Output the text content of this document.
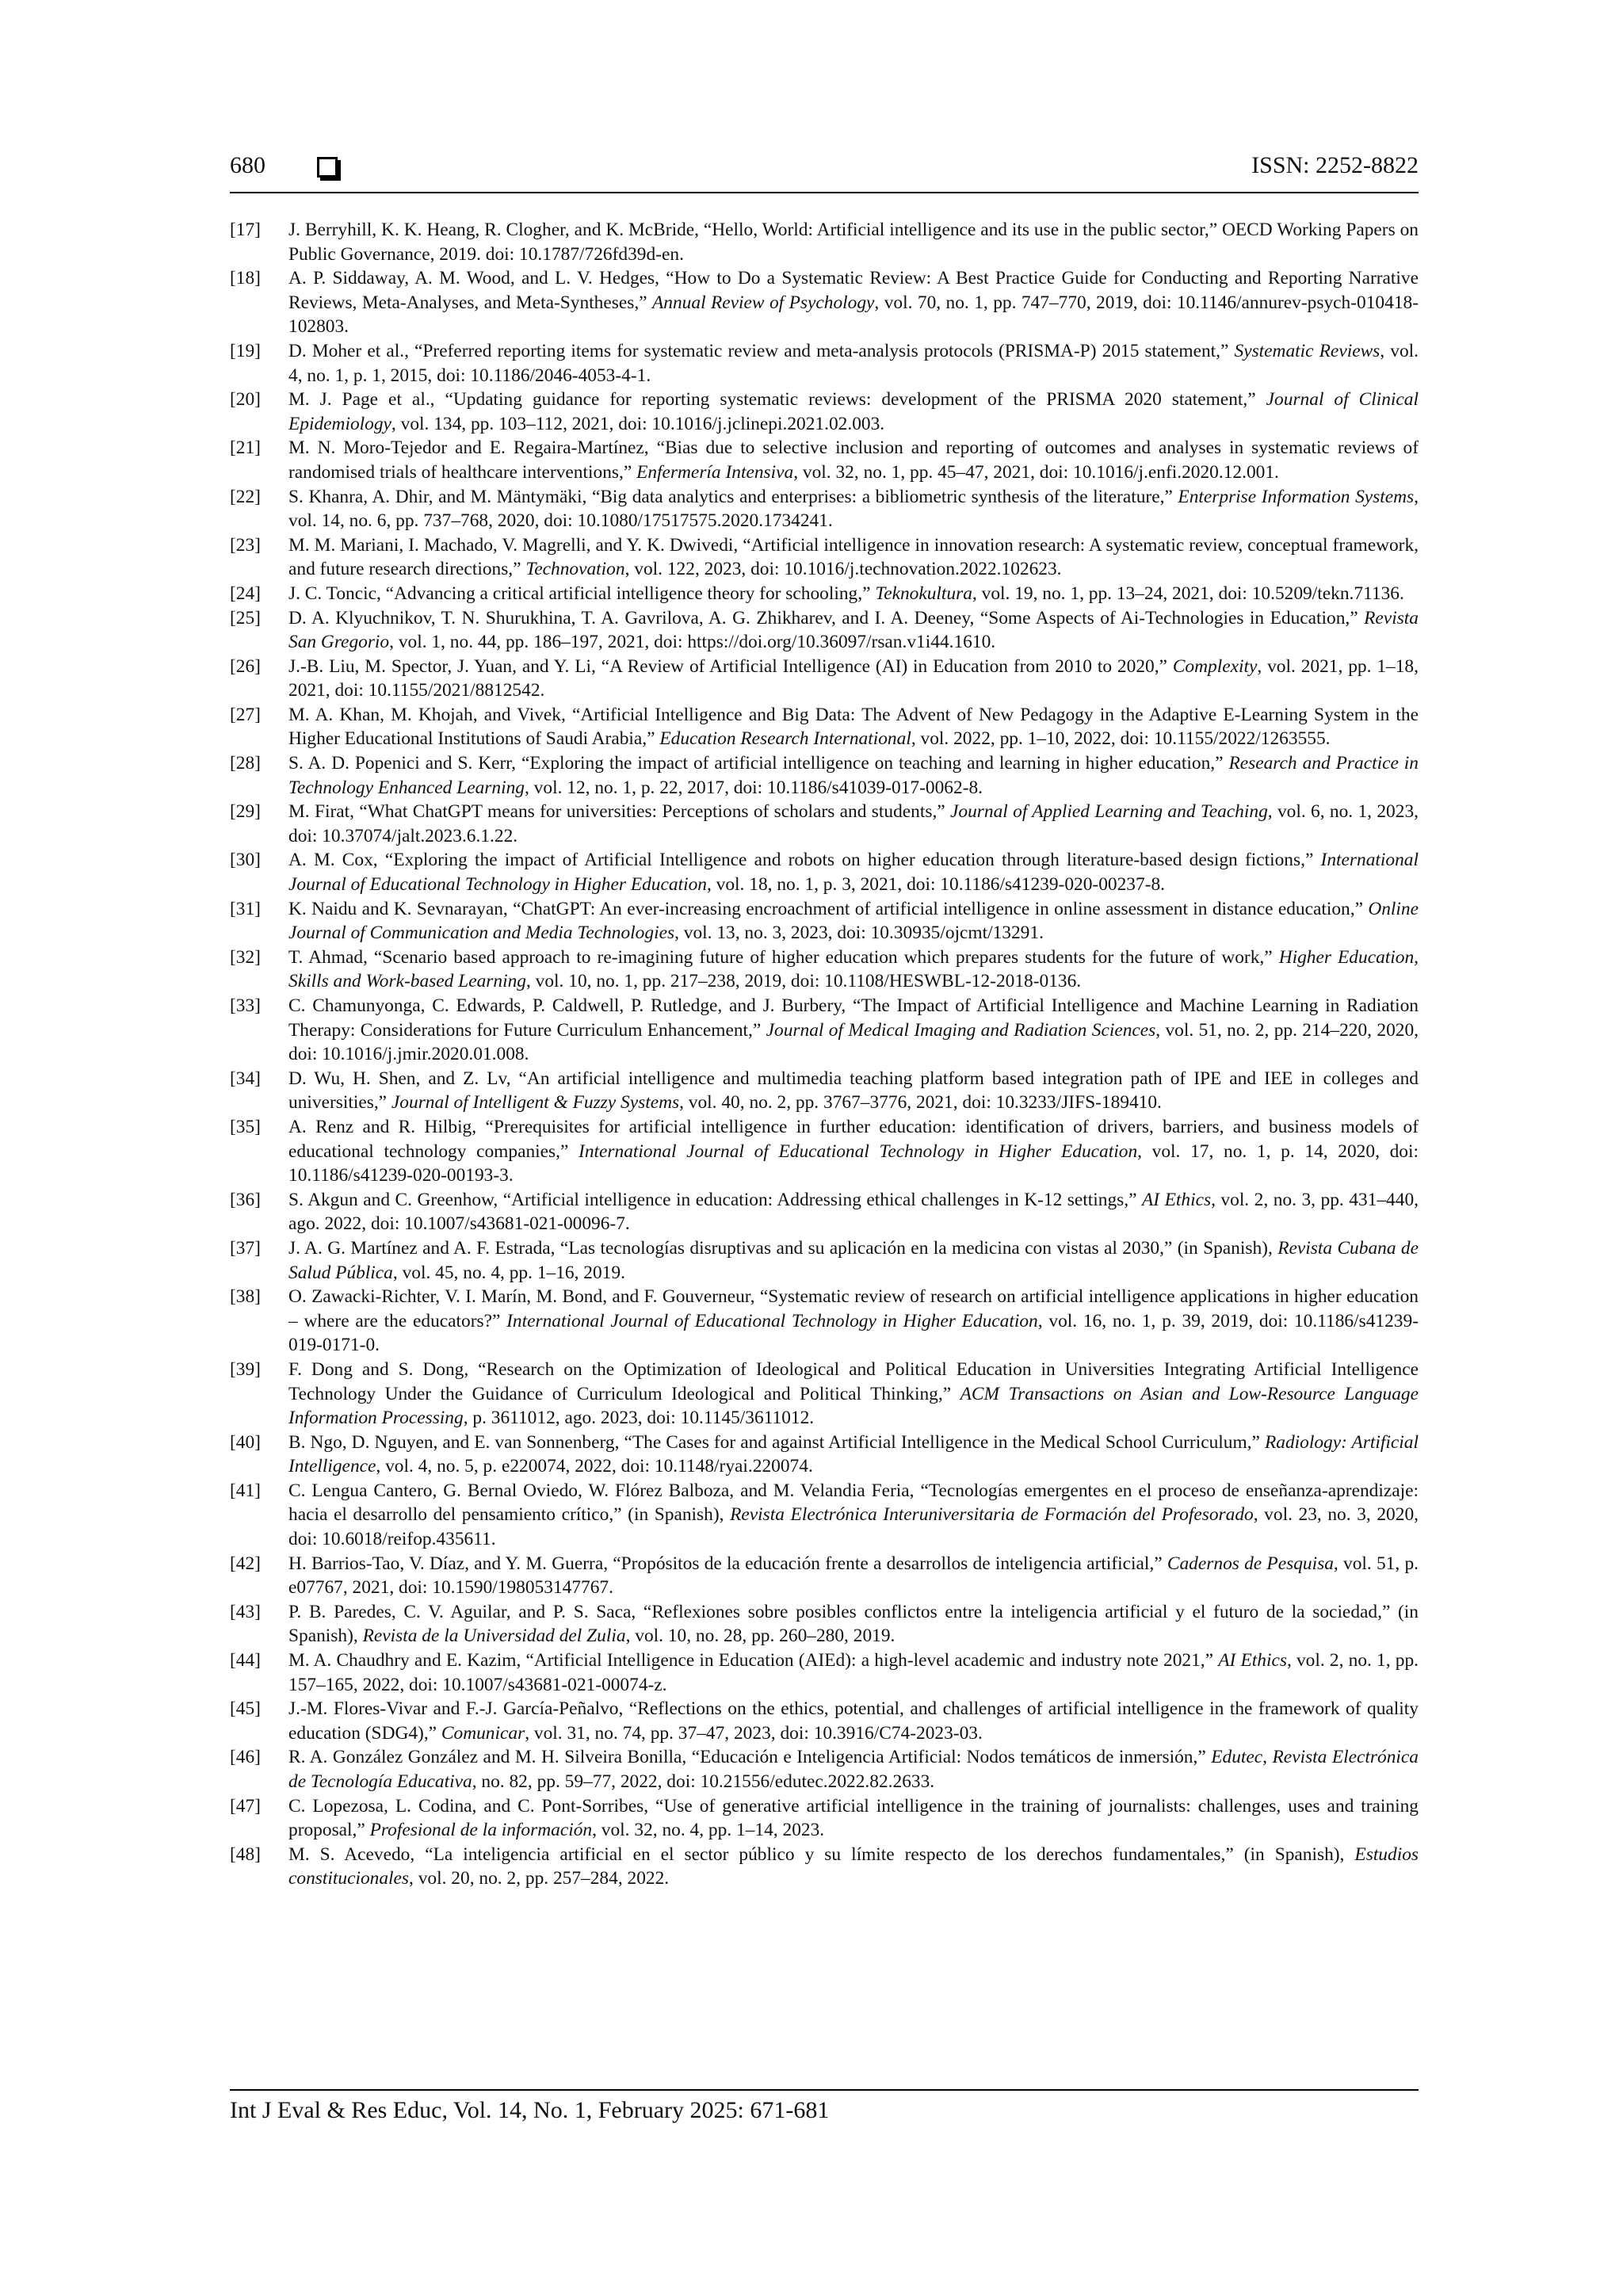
680	ISSN: 2252-8822
[17]	J. Berryhill, K. K. Heang, R. Clogher, and K. McBride, “Hello, World: Artificial intelligence and its use in the public sector,” OECD Working Papers on Public Governance, 2019. doi: 10.1787/726fd39d-en.
[18]	A. P. Siddaway, A. M. Wood, and L. V. Hedges, “How to Do a Systematic Review: A Best Practice Guide for Conducting and Reporting Narrative Reviews, Meta-Analyses, and Meta-Syntheses,” Annual Review of Psychology, vol. 70, no. 1, pp. 747–770, 2019, doi: 10.1146/annurev-psych-010418-102803.
[19]	D. Moher et al., “Preferred reporting items for systematic review and meta-analysis protocols (PRISMA-P) 2015 statement,” Systematic Reviews, vol. 4, no. 1, p. 1, 2015, doi: 10.1186/2046-4053-4-1.
[20]	M. J. Page et al., “Updating guidance for reporting systematic reviews: development of the PRISMA 2020 statement,” Journal of Clinical Epidemiology, vol. 134, pp. 103–112, 2021, doi: 10.1016/j.jclinepi.2021.02.003.
[21]	M. N. Moro-Tejedor and E. Regaira-Martínez, “Bias due to selective inclusion and reporting of outcomes and analyses in systematic reviews of randomised trials of healthcare interventions,” Enfermería Intensiva, vol. 32, no. 1, pp. 45–47, 2021, doi: 10.1016/j.enfi.2020.12.001.
[22]	S. Khanra, A. Dhir, and M. Mäntymäki, “Big data analytics and enterprises: a bibliometric synthesis of the literature,” Enterprise Information Systems, vol. 14, no. 6, pp. 737–768, 2020, doi: 10.1080/17517575.2020.1734241.
[23]	M. M. Mariani, I. Machado, V. Magrelli, and Y. K. Dwivedi, “Artificial intelligence in innovation research: A systematic review, conceptual framework, and future research directions,” Technovation, vol. 122, 2023, doi: 10.1016/j.technovation.2022.102623.
[24]	J. C. Toncic, “Advancing a critical artificial intelligence theory for schooling,” Teknokultura, vol. 19, no. 1, pp. 13–24, 2021, doi: 10.5209/tekn.71136.
[25]	D. A. Klyuchnikov, T. N. Shurukhina, T. A. Gavrilova, A. G. Zhikharev, and I. A. Deeney, “Some Aspects of Ai-Technologies in Education,” Revista San Gregorio, vol. 1, no. 44, pp. 186–197, 2021, doi: https://doi.org/10.36097/rsan.v1i44.1610.
[26]	J.-B. Liu, M. Spector, J. Yuan, and Y. Li, “A Review of Artificial Intelligence (AI) in Education from 2010 to 2020,” Complexity, vol. 2021, pp. 1–18, 2021, doi: 10.1155/2021/8812542.
[27]	M. A. Khan, M. Khojah, and Vivek, “Artificial Intelligence and Big Data: The Advent of New Pedagogy in the Adaptive E-Learning System in the Higher Educational Institutions of Saudi Arabia,” Education Research International, vol. 2022, pp. 1–10, 2022, doi: 10.1155/2022/1263555.
[28]	S. A. D. Popenici and S. Kerr, “Exploring the impact of artificial intelligence on teaching and learning in higher education,” Research and Practice in Technology Enhanced Learning, vol. 12, no. 1, p. 22, 2017, doi: 10.1186/s41039-017-0062-8.
[29]	M. Firat, “What ChatGPT means for universities: Perceptions of scholars and students,” Journal of Applied Learning and Teaching, vol. 6, no. 1, 2023, doi: 10.37074/jalt.2023.6.1.22.
[30]	A. M. Cox, “Exploring the impact of Artificial Intelligence and robots on higher education through literature-based design fictions,” International Journal of Educational Technology in Higher Education, vol. 18, no. 1, p. 3, 2021, doi: 10.1186/s41239-020-00237-8.
[31]	K. Naidu and K. Sevnarayan, “ChatGPT: An ever-increasing encroachment of artificial intelligence in online assessment in distance education,” Online Journal of Communication and Media Technologies, vol. 13, no. 3, 2023, doi: 10.30935/ojcmt/13291.
[32]	T. Ahmad, “Scenario based approach to re-imagining future of higher education which prepares students for the future of work,” Higher Education, Skills and Work-based Learning, vol. 10, no. 1, pp. 217–238, 2019, doi: 10.1108/HESWBL-12-2018-0136.
[33]	C. Chamunyonga, C. Edwards, P. Caldwell, P. Rutledge, and J. Burbery, “The Impact of Artificial Intelligence and Machine Learning in Radiation Therapy: Considerations for Future Curriculum Enhancement,” Journal of Medical Imaging and Radiation Sciences, vol. 51, no. 2, pp. 214–220, 2020, doi: 10.1016/j.jmir.2020.01.008.
[34]	D. Wu, H. Shen, and Z. Lv, “An artificial intelligence and multimedia teaching platform based integration path of IPE and IEE in colleges and universities,” Journal of Intelligent & Fuzzy Systems, vol. 40, no. 2, pp. 3767–3776, 2021, doi: 10.3233/JIFS-189410.
[35]	A. Renz and R. Hilbig, “Prerequisites for artificial intelligence in further education: identification of drivers, barriers, and business models of educational technology companies,” International Journal of Educational Technology in Higher Education, vol. 17, no. 1, p. 14, 2020, doi: 10.1186/s41239-020-00193-3.
[36]	S. Akgun and C. Greenhow, “Artificial intelligence in education: Addressing ethical challenges in K-12 settings,” AI Ethics, vol. 2, no. 3, pp. 431–440, ago. 2022, doi: 10.1007/s43681-021-00096-7.
[37]	J. A. G. Martínez and A. F. Estrada, “Las tecnologías disruptivas and su aplicación en la medicina con vistas al 2030,” (in Spanish), Revista Cubana de Salud Pública, vol. 45, no. 4, pp. 1–16, 2019.
[38]	O. Zawacki-Richter, V. I. Marín, M. Bond, and F. Gouverneur, “Systematic review of research on artificial intelligence applications in higher education – where are the educators?” International Journal of Educational Technology in Higher Education, vol. 16, no. 1, p. 39, 2019, doi: 10.1186/s41239-019-0171-0.
[39]	F. Dong and S. Dong, “Research on the Optimization of Ideological and Political Education in Universities Integrating Artificial Intelligence Technology Under the Guidance of Curriculum Ideological and Political Thinking,” ACM Transactions on Asian and Low-Resource Language Information Processing, p. 3611012, ago. 2023, doi: 10.1145/3611012.
[40]	B. Ngo, D. Nguyen, and E. van Sonnenberg, “The Cases for and against Artificial Intelligence in the Medical School Curriculum,” Radiology: Artificial Intelligence, vol. 4, no. 5, p. e220074, 2022, doi: 10.1148/ryai.220074.
[41]	C. Lengua Cantero, G. Bernal Oviedo, W. Flórez Balboza, and M. Velandia Feria, “Tecnologías emergentes en el proceso de enseñanza-aprendizaje: hacia el desarrollo del pensamiento crítico,” (in Spanish), Revista Electrónica Interuniversitaria de Formación del Profesorado, vol. 23, no. 3, 2020, doi: 10.6018/reifop.435611.
[42]	H. Barrios-Tao, V. Díaz, and Y. M. Guerra, “Propósitos de la educación frente a desarrollos de inteligencia artificial,” Cadernos de Pesquisa, vol. 51, p. e07767, 2021, doi: 10.1590/198053147767.
[43]	P. B. Paredes, C. V. Aguilar, and P. S. Saca, “Reflexiones sobre posibles conflictos entre la inteligencia artificial y el futuro de la sociedad,” (in Spanish), Revista de la Universidad del Zulia, vol. 10, no. 28, pp. 260–280, 2019.
[44]	M. A. Chaudhry and E. Kazim, “Artificial Intelligence in Education (AIEd): a high-level academic and industry note 2021,” AI Ethics, vol. 2, no. 1, pp. 157–165, 2022, doi: 10.1007/s43681-021-00074-z.
[45]	J.-M. Flores-Vivar and F.-J. García-Peñalvo, “Reflections on the ethics, potential, and challenges of artificial intelligence in the framework of quality education (SDG4),” Comunicar, vol. 31, no. 74, pp. 37–47, 2023, doi: 10.3916/C74-2023-03.
[46]	R. A. González González and M. H. Silveira Bonilla, “Educación e Inteligencia Artificial: Nodos temáticos de inmersión,” Edutec, Revista Electrónica de Tecnología Educativa, no. 82, pp. 59–77, 2022, doi: 10.21556/edutec.2022.82.2633.
[47]	C. Lopezosa, L. Codina, and C. Pont-Sorribes, “Use of generative artificial intelligence in the training of journalists: challenges, uses and training proposal,” Profesional de la información, vol. 32, no. 4, pp. 1–14, 2023.
[48]	M. S. Acevedo, “La inteligencia artificial en el sector público y su límite respecto de los derechos fundamentales,” (in Spanish), Estudios constitucionales, vol. 20, no. 2, pp. 257–284, 2022.
Int J Eval & Res Educ, Vol. 14, No. 1, February 2025: 671-681
